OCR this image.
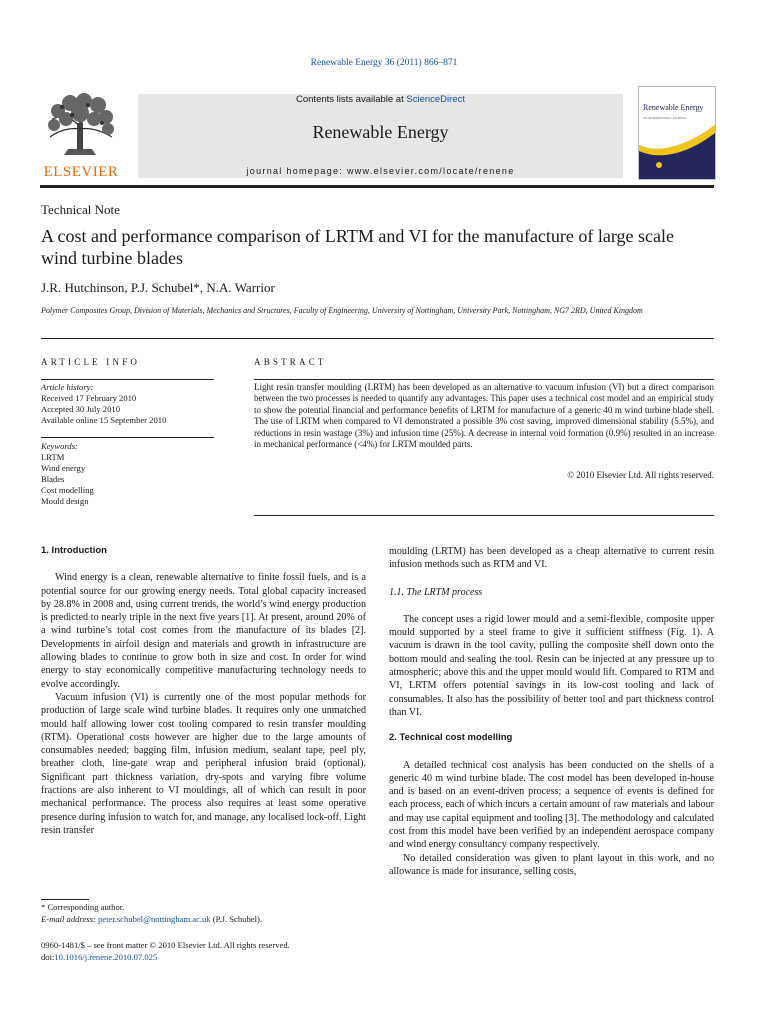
Renewable Energy 36 (2011) 866–871
ELSEVIER
Contents lists available at ScienceDirect
Renewable Energy
journal homepage: www.elsevier.com/locate/renene
Renewable Energy
AN INTERNATIONAL JOURNAL
Technical Note
A cost and performance comparison of LRTM and VI for the manufacture of large scale wind turbine blades
J.R. Hutchinson, P.J. Schubel*, N.A. Warrior
Polymer Composites Group, Division of Materials, Mechanics and Structures, Faculty of Engineering, University of Nottingham, University Park, Nottingham, NG7 2RD, United Kingdom
ARTICLE INFO
Article history:
Received 17 February 2010
Accepted 30 July 2010
Available online 15 September 2010
Keywords:
LRTM
Wind energy
Blades
Cost modelling
Mould design
ABSTRACT
Light resin transfer moulding (LRTM) has been developed as an alternative to vacuum infusion (VI) but a direct comparison between the two processes is needed to quantify any advantages. This paper uses a technical cost model and an empirical study to show the potential financial and performance benefits of LRTM for manufacture of a generic 40 m wind turbine blade shell. The use of LRTM when compared to VI demonstrated a possible 3% cost saving, improved dimensional stability (5.5%), and reductions in resin wastage (3%) and infusion time (25%). A decrease in internal void formation (0.9%) resulted in an increase in mechanical performance (<4%) for LRTM moulded parts.
© 2010 Elsevier Ltd. All rights reserved.
1. Introduction

Wind energy is a clean, renewable alternative to finite fossil fuels, and is a potential source for our growing energy needs. Total global capacity increased by 28.8% in 2008 and, using current trends, the world’s wind energy production is predicted to nearly triple in the next five years [1]. At present, around 20% of a wind turbine’s total cost comes from the manufacture of its blades [2]. Developments in airfoil design and materials and growth in infrastructure are allowing blades to continue to grow both in size and cost. In order for wind energy to stay economically competitive manufacturing technology needs to evolve accordingly.

Vacuum infusion (VI) is currently one of the most popular methods for production of large scale wind turbine blades. It requires only one unmatched mould half allowing lower cost tooling compared to resin transfer moulding (RTM). Operational costs however are higher due to the large amounts of consumables needed; bagging film, infusion medium, sealant tape, peel ply, breather cloth, line-gate wrap and peripheral infusion braid (optional). Significant part thickness variation, dry-spots and varying fibre volume fractions are also inherent to VI mouldings, all of which can result in poor mechanical performance. The process also requires at least some operative presence during infusion to watch for, and manage, any localised lock-off. Light resin transfer

moulding (LRTM) has been developed as a cheap alternative to current resin infusion methods such as RTM and VI.

1.1. The LRTM process

The concept uses a rigid lower mould and a semi-flexible, composite upper mould supported by a steel frame to give it sufficient stiffness (Fig. 1). A vacuum is drawn in the tool cavity, pulling the composite shell down onto the bottom mould and sealing the tool. Resin can be injected at any pressure up to atmospheric; above this and the upper mould would lift. Compared to RTM and VI, LRTM offers potential savings in its low-cost tooling and lack of consumables. It also has the possibility of better tool and part thickness control than VI.

2. Technical cost modelling

A detailed technical cost analysis has been conducted on the shells of a generic 40 m wind turbine blade. The cost model has been developed in-house and is based on an event-driven process; a sequence of events is defined for each process, each of which incurs a certain amount of raw materials and labour and may use capital equipment and tooling [3]. The methodology and calculated cost from this model have been verified by an independent aerospace company and wind energy consultancy company respectively.

No detailed consideration was given to plant layout in this work, and no allowance is made for insurance, selling costs,

* Corresponding author.
E-mail address: peter.schubel@nottingham.ac.uk (P.J. Schubel).
0960-1481/$ – see front matter © 2010 Elsevier Ltd. All rights reserved.
doi:10.1016/j.renene.2010.07.025
